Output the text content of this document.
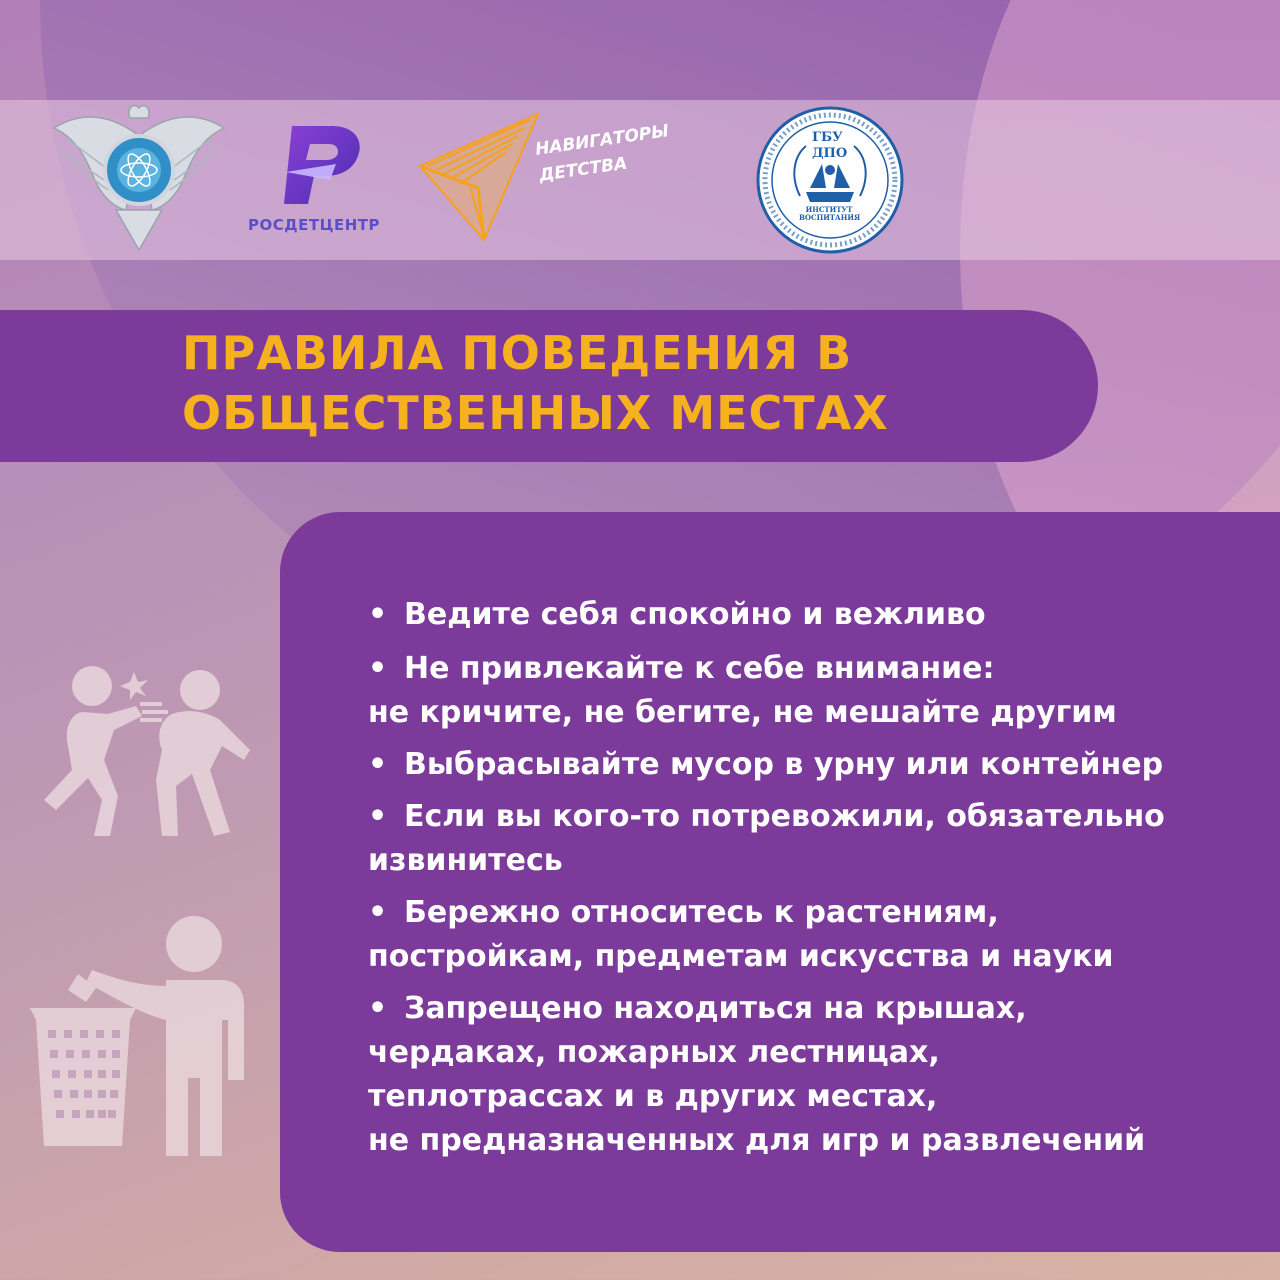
РОСДЕТЦЕНТР
НАВИГАТОРЫ
ДЕТСТВА
ГБУ
ДПО
ИНСТИТУТ ВОСПИТАНИЯ
ПРАВИЛА ПОВЕДЕНИЯ В
ОБЩЕСТВЕННЫХ МЕСТАХ
• Ведите себя спокойно и вежливо
• Не привлекайте к себе внимание:
не кричите, не бегите, не мешайте другим
• Выбрасывайте мусор в урну или контейнер
• Если вы кого-то потревожили, обязательно
извинитесь
• Бережно относитесь к растениям,
постройкам, предметам искусства и науки
• Запрещено находиться на крышах,
чердаках, пожарных лестницах,
теплотрассах и в других местах,
не предназначенных для игр и развлечений
